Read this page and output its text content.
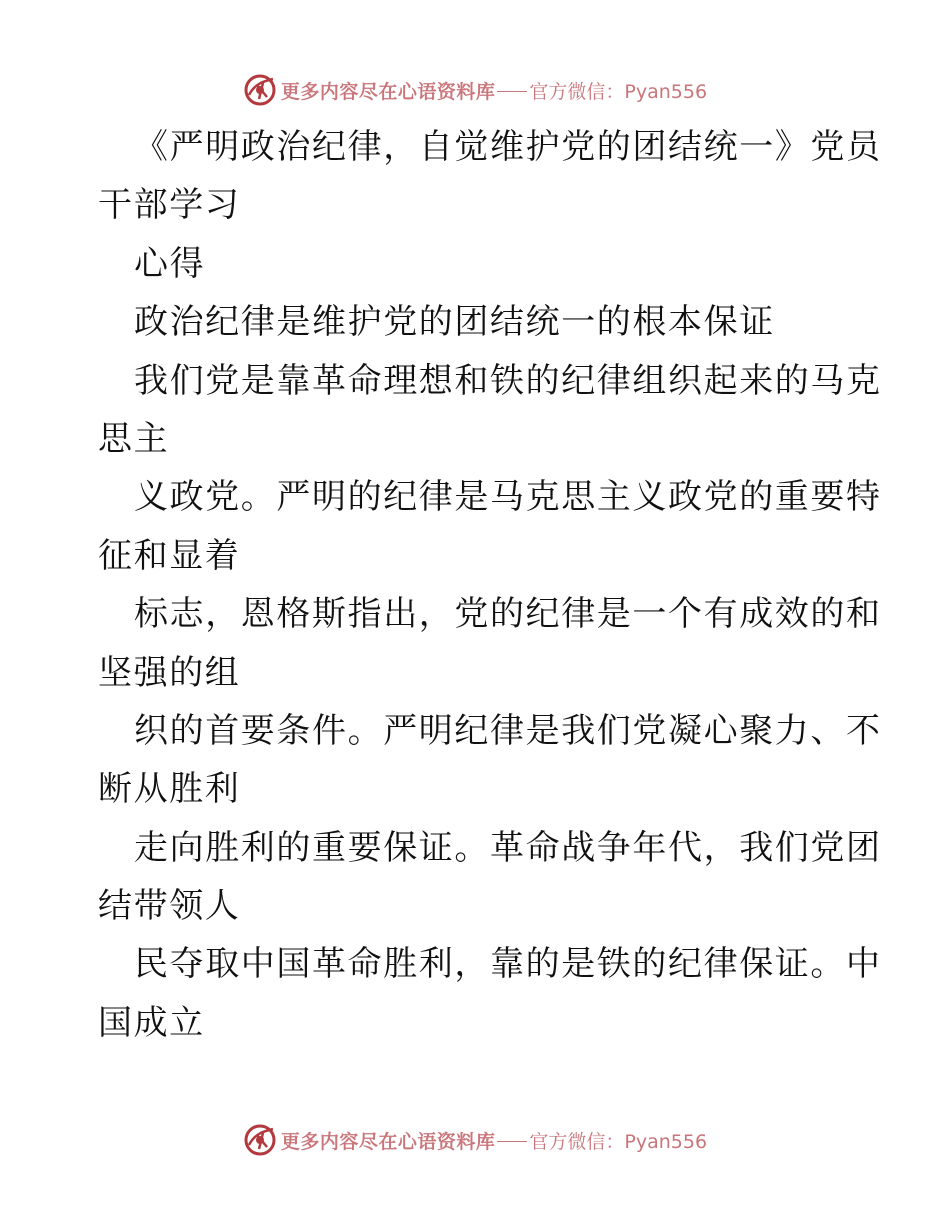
更多内容尽在心语资料库 官方微信：Pyan556
《严明政治纪律，自觉维护党的团结统一》党员
干部学习
心得
政治纪律是维护党的团结统一的根本保证
我们党是靠革命理想和铁的纪律组织起来的马克
思主
义政党。严明的纪律是马克思主义政党的重要特
征和显着
标志，恩格斯指出，党的纪律是一个有成效的和
坚强的组
织的首要条件。严明纪律是我们党凝心聚力、不
断从胜利
走向胜利的重要保证。革命战争年代，我们党团
结带领人
民夺取中国革命胜利，靠的是铁的纪律保证。中
国成立
更多内容尽在心语资料库 官方微信：Pyan556
